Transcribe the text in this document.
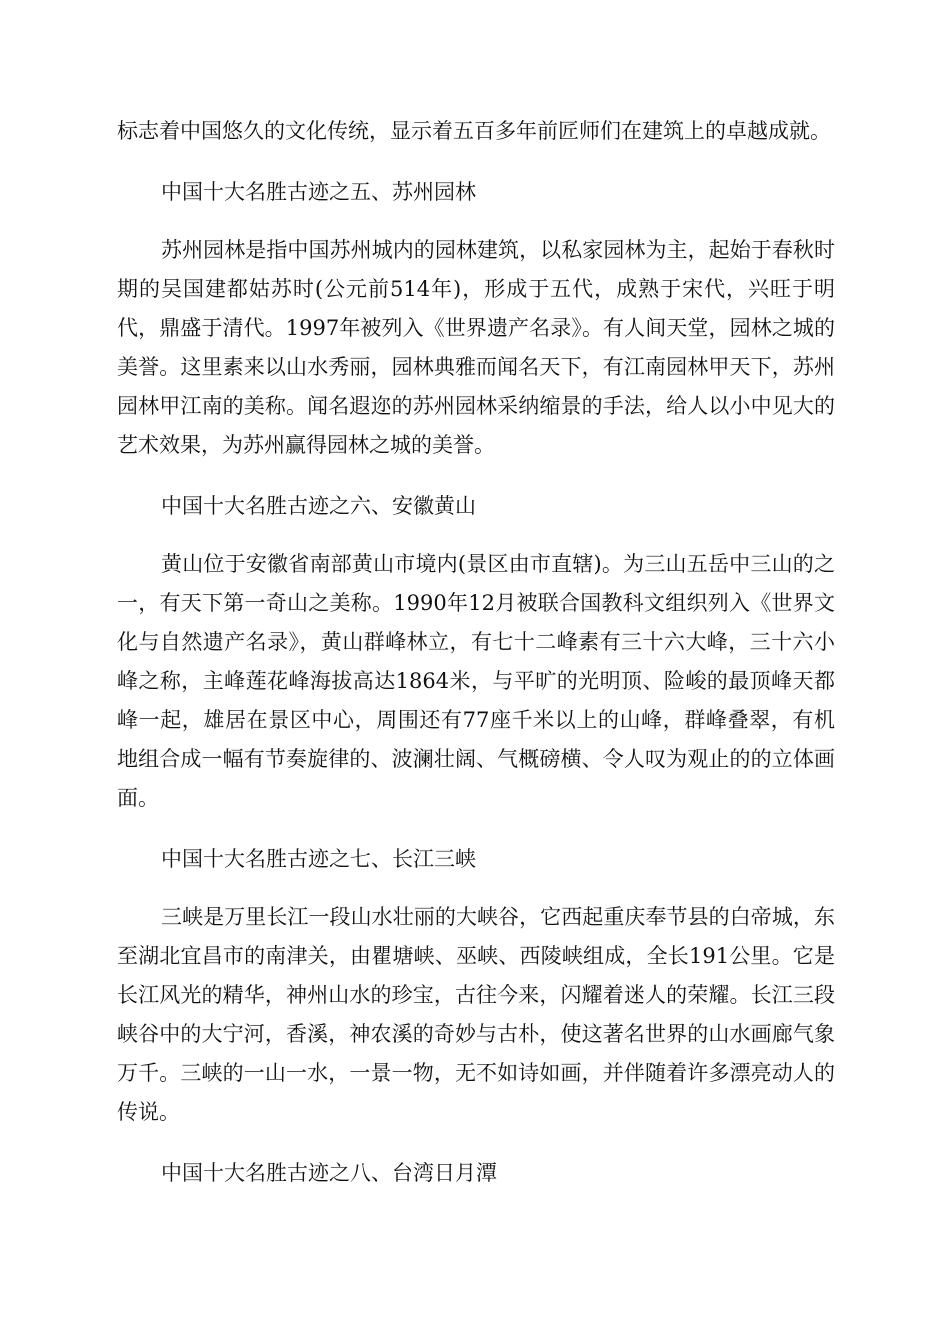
标志着中国悠久的文化传统，显示着五百多年前匠师们在建筑上的卓越成就。

中国十大名胜古迹之五、苏州园林

苏州园林是指中国苏州城内的园林建筑，以私家园林为主，起始于春秋时期的吴国建都姑苏时(公元前514年)，形成于五代，成熟于宋代，兴旺于明代，鼎盛于清代。1997年被列入《世界遗产名录》。有人间天堂，园林之城的美誉。这里素来以山水秀丽，园林典雅而闻名天下，有江南园林甲天下，苏州园林甲江南的美称。闻名遐迩的苏州园林采纳缩景的手法，给人以小中见大的艺术效果，为苏州赢得园林之城的美誉。

中国十大名胜古迹之六、安徽黄山

黄山位于安徽省南部黄山市境内(景区由市直辖)。为三山五岳中三山的之一，有天下第一奇山之美称。1990年12月被联合国教科文组织列入《世界文化与自然遗产名录》，黄山群峰林立，有七十二峰素有三十六大峰，三十六小峰之称，主峰莲花峰海拔高达1864米，与平旷的光明顶、险峻的最顶峰天都峰一起，雄居在景区中心，周围还有77座千米以上的山峰，群峰叠翠，有机地组合成一幅有节奏旋律的、波澜壮阔、气概磅横、令人叹为观止的的立体画面。

中国十大名胜古迹之七、长江三峡

三峡是万里长江一段山水壮丽的大峡谷，它西起重庆奉节县的白帝城，东至湖北宜昌市的南津关，由瞿塘峡、巫峡、西陵峡组成，全长191公里。它是长江风光的精华，神州山水的珍宝，古往今来，闪耀着迷人的荣耀。长江三段峡谷中的大宁河，香溪，神农溪的奇妙与古朴，使这著名世界的山水画廊气象万千。三峡的一山一水，一景一物，无不如诗如画，并伴随着许多漂亮动人的传说。

中国十大名胜古迹之八、台湾日月潭
